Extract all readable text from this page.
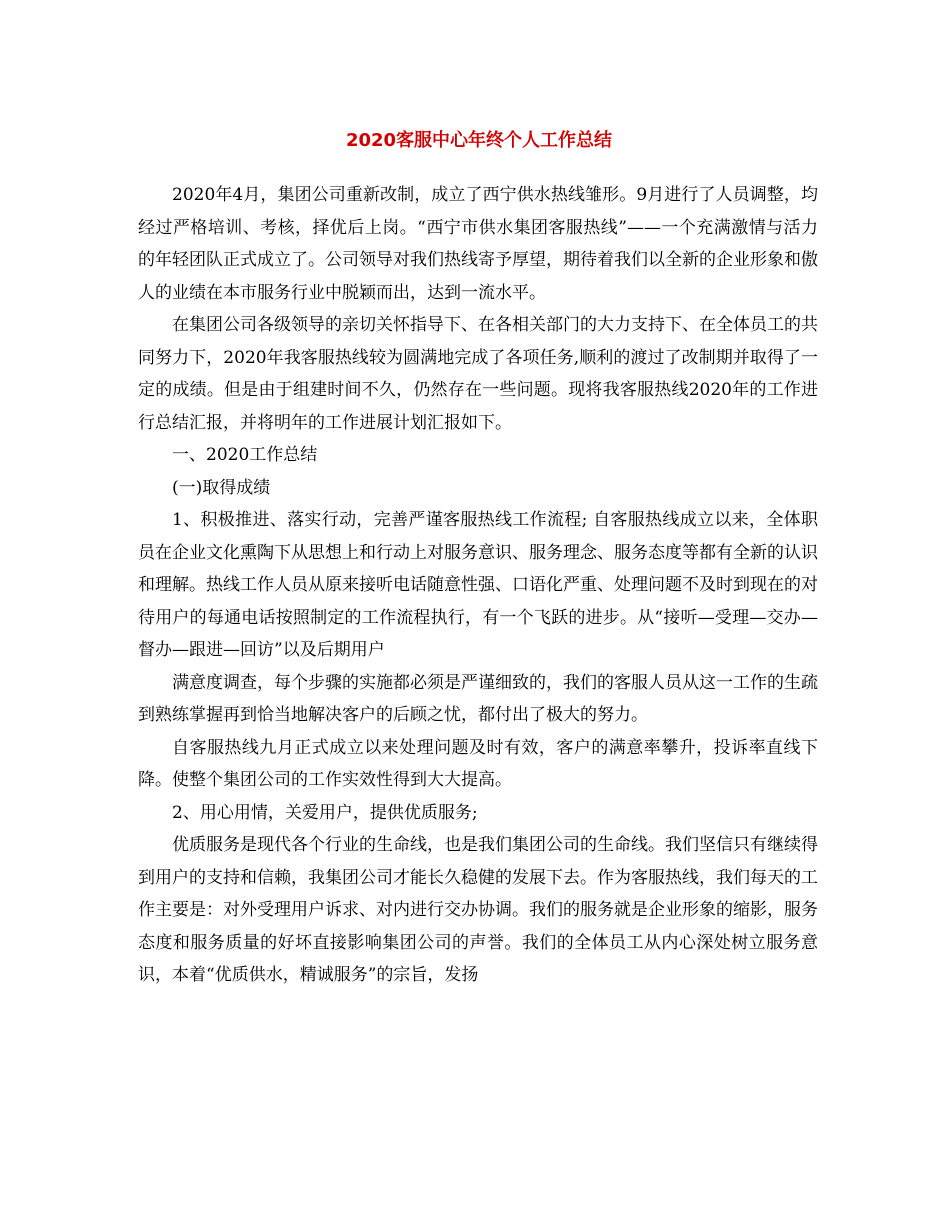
2020客服中心年终个人工作总结

2020年4月，集团公司重新改制，成立了西宁供水热线雏形。9月进行了人员调整，均经过严格培训、考核，择优后上岗。“西宁市供水集团客服热线”——一个充满激情与活力的年轻团队正式成立了。公司领导对我们热线寄予厚望，期待着我们以全新的企业形象和傲人的业绩在本市服务行业中脱颖而出，达到一流水平。

在集团公司各级领导的亲切关怀指导下、在各相关部门的大力支持下、在全体员工的共同努力下，2020年我客服热线较为圆满地完成了各项任务,顺利的渡过了改制期并取得了一定的成绩。但是由于组建时间不久，仍然存在一些问题。现将我客服热线2020年的工作进行总结汇报，并将明年的工作进展计划汇报如下。

一、2020工作总结

(一)取得成绩

1、积极推进、落实行动，完善严谨客服热线工作流程; 自客服热线成立以来，全体职员在企业文化熏陶下从思想上和行动上对服务意识、服务理念、服务态度等都有全新的认识和理解。热线工作人员从原来接听电话随意性强、口语化严重、处理问题不及时到现在的对待用户的每通电话按照制定的工作流程执行，有一个飞跃的进步。从“接听—受理—交办—督办—跟进—回访”以及后期用户

满意度调查，每个步骤的实施都必须是严谨细致的，我们的客服人员从这一工作的生疏到熟练掌握再到恰当地解决客户的后顾之忧，都付出了极大的努力。

自客服热线九月正式成立以来处理问题及时有效，客户的满意率攀升，投诉率直线下降。使整个集团公司的工作实效性得到大大提高。

2、用心用情，关爱用户，提供优质服务;

优质服务是现代各个行业的生命线，也是我们集团公司的生命线。我们坚信只有继续得到用户的支持和信赖，我集团公司才能长久稳健的发展下去。作为客服热线，我们每天的工作主要是：对外受理用户诉求、对内进行交办协调。我们的服务就是企业形象的缩影，服务态度和服务质量的好坏直接影响集团公司的声誉。我们的全体员工从内心深处树立服务意识，本着“优质供水，精诚服务”的宗旨，发扬
